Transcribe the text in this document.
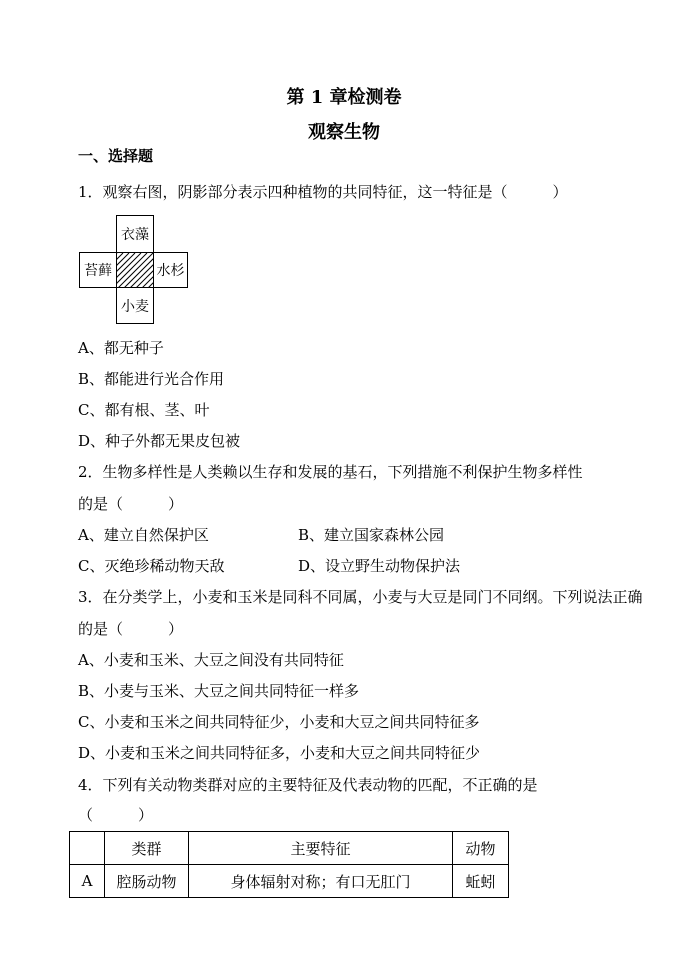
第 1 章检测卷
观察生物
一、选择题
1．观察右图，阴影部分表示四种植物的共同特征，这一特征是（　　　）
衣藻
苔藓	水杉
小麦
A、都无种子
B、都能进行光合作用
C、都有根、茎、叶
D、种子外都无果皮包被
2．生物多样性是人类赖以生存和发展的基石，下列措施不利保护生物多样性
的是（　　　）
A、建立自然保护区	B、建立国家森林公园
C、灭绝珍稀动物天敌	D、设立野生动物保护法
3．在分类学上，小麦和玉米是同科不同属，小麦与大豆是同门不同纲。下列说法正确
的是（　　　）
A、小麦和玉米、大豆之间没有共同特征
B、小麦与玉米、大豆之间共同特征一样多
C、小麦和玉米之间共同特征少，小麦和大豆之间共同特征多
D、小麦和玉米之间共同特征多，小麦和大豆之间共同特征少
4．下列有关动物类群对应的主要特征及代表动物的匹配，不正确的是
（　　　）
	类群	主要特征	动物
A	腔肠动物	身体辐射对称；有口无肛门	蚯蚓
